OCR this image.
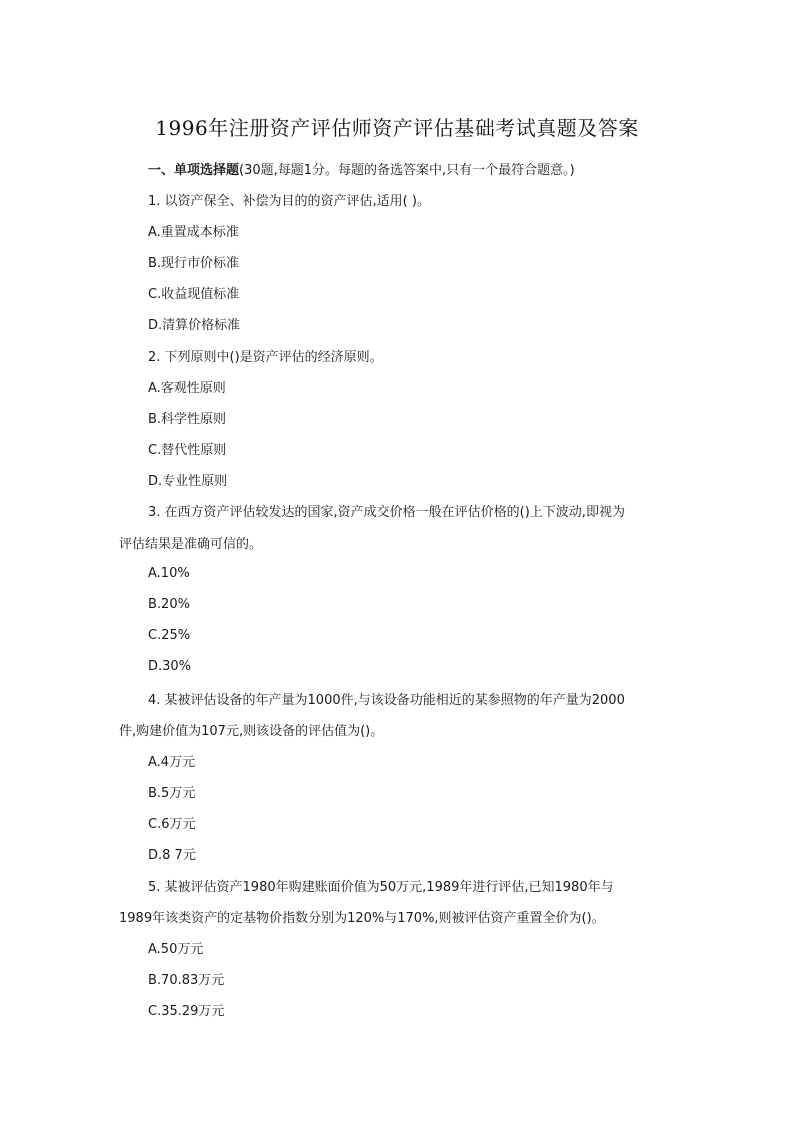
1996年注册资产评估师资产评估基础考试真题及答案
一、单项选择题(30题,每题1分。每题的备选答案中,只有一个最符合题意。)
1. 以资产保全、补偿为目的的资产评估,适用( )。
A.重置成本标准
B.现行市价标准
C.收益现值标准
D.清算价格标准
2. 下列原则中()是资产评估的经济原则。
A.客观性原则
B.科学性原则
C.替代性原则
D.专业性原则
3. 在西方资产评估较发达的国家,资产成交价格一般在评估价格的()上下波动,即视为
评估结果是准确可信的。
A.10%
B.20%
C.25%
D.30%
4. 某被评估设备的年产量为1000件,与该设备功能相近的某参照物的年产量为2000
件,购建价值为107元,则该设备的评估值为()。
A.4万元
B.5万元
C.6万元
D.8 7元
5. 某被评估资产1980年购建账面价值为50万元,1989年进行评估,已知1980年与
1989年该类资产的定基物价指数分别为120%与170%,则被评估资产重置全价为()。
A.50万元
B.70.83万元
C.35.29万元
